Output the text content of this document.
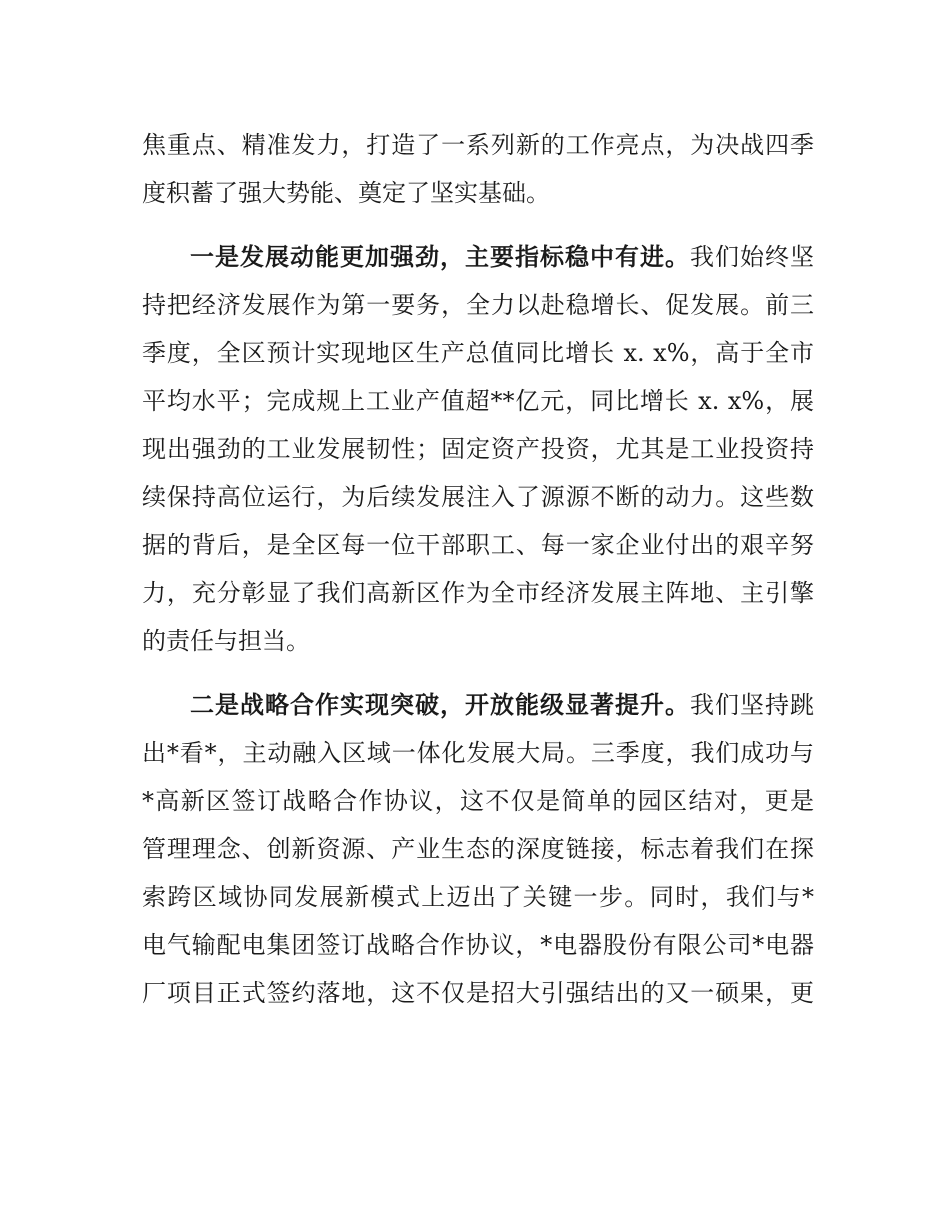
焦重点、精准发力，打造了一系列新的工作亮点，为决战四季
度积蓄了强大势能、奠定了坚实基础。
一是发展动能更加强劲，主要指标稳中有进。我们始终坚
持把经济发展作为第一要务，全力以赴稳增长、促发展。前三
季度，全区预计实现地区生产总值同比增长 x. x%，高于全市
平均水平；完成规上工业产值超**亿元，同比增长 x. x%，展
现出强劲的工业发展韧性；固定资产投资，尤其是工业投资持
续保持高位运行，为后续发展注入了源源不断的动力。这些数
据的背后，是全区每一位干部职工、每一家企业付出的艰辛努
力，充分彰显了我们高新区作为全市经济发展主阵地、主引擎
的责任与担当。
二是战略合作实现突破，开放能级显著提升。我们坚持跳
出*看*，主动融入区域一体化发展大局。三季度，我们成功与
*高新区签订战略合作协议，这不仅是简单的园区结对，更是
管理理念、创新资源、产业生态的深度链接，标志着我们在探
索跨区域协同发展新模式上迈出了关键一步。同时，我们与*
电气输配电集团签订战略合作协议，*电器股份有限公司*电器
厂项目正式签约落地，这不仅是招大引强结出的又一硕果，更
